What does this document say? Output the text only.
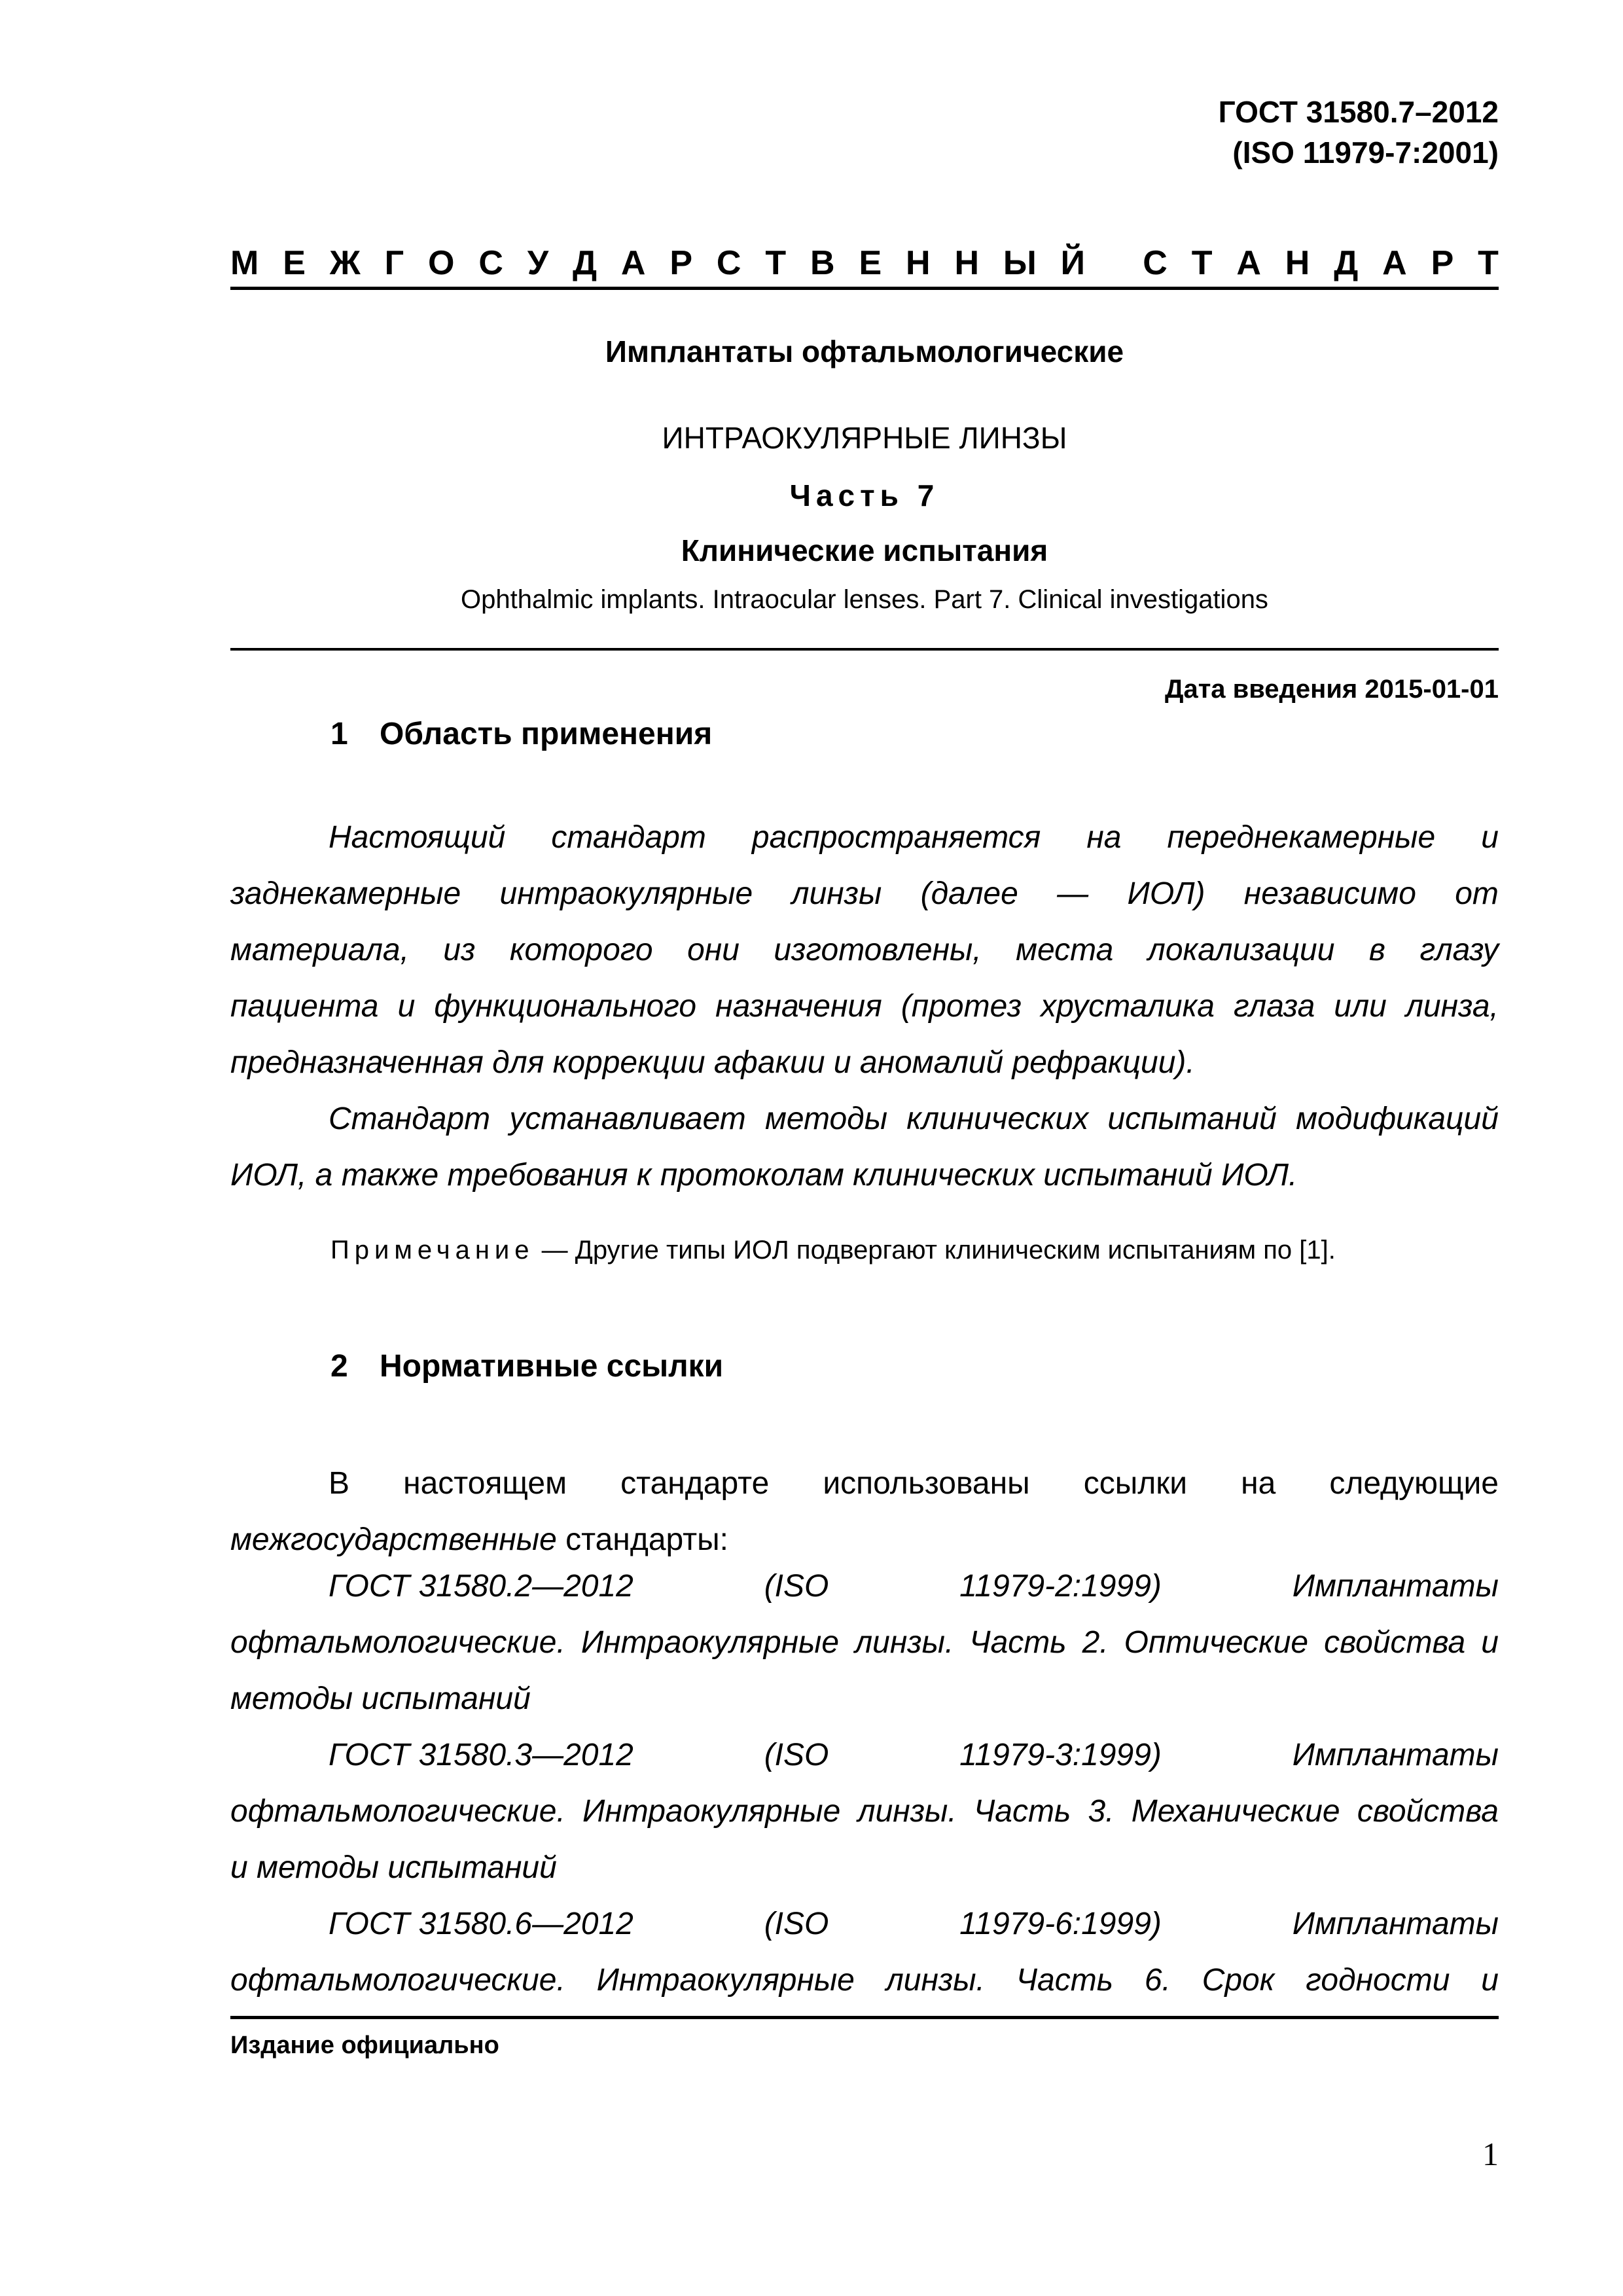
ГОСТ 31580.7–2012
(ISO 11979-7:2001)
М Е Ж Г О С У Д А Р С Т В Е Н Н Ы Й
С Т А Н Д А Р Т
Имплантаты офтальмологические
ИНТРАОКУЛЯРНЫЕ ЛИНЗЫ
Часть 7
Клинические испытания
Ophthalmic implants. Intraocular lenses. Part 7. Clinical investigations
Дата введения 2015-01-01
1 Область применения
Настоящий стандарт распространяется на переднекамерные и
заднекамерные интраокулярные линзы (далее — ИОЛ) независимо от
материала, из которого они изготовлены, места локализации в глазу
пациента и функционального назначения (протез хрусталика глаза или линза,
предназначенная для коррекции афакии и аномалий рефракции).
Стандарт устанавливает методы клинических испытаний модификаций
ИОЛ, а также требования к протоколам клинических испытаний ИОЛ.
Примечание — Другие типы ИОЛ подвергают клиническим испытаниям по [1].
2 Нормативные ссылки
В настоящем стандарте использованы ссылки на следующие
межгосударственные стандарты:
ГОСТ 31580.2—2012	(ISO	11979-2:1999)	Имплантаты
офтальмологические. Интраокулярные линзы. Часть 2. Оптические свойства и
методы испытаний
ГОСТ 31580.3—2012	(ISO	11979-3:1999)	Имплантаты
офтальмологические. Интраокулярные линзы. Часть 3. Механические свойства
и методы испытаний
ГОСТ 31580.6—2012	(ISO	11979-6:1999)	Имплантаты
офтальмологические. Интраокулярные линзы. Часть 6. Срок годности и
Издание официально
1
